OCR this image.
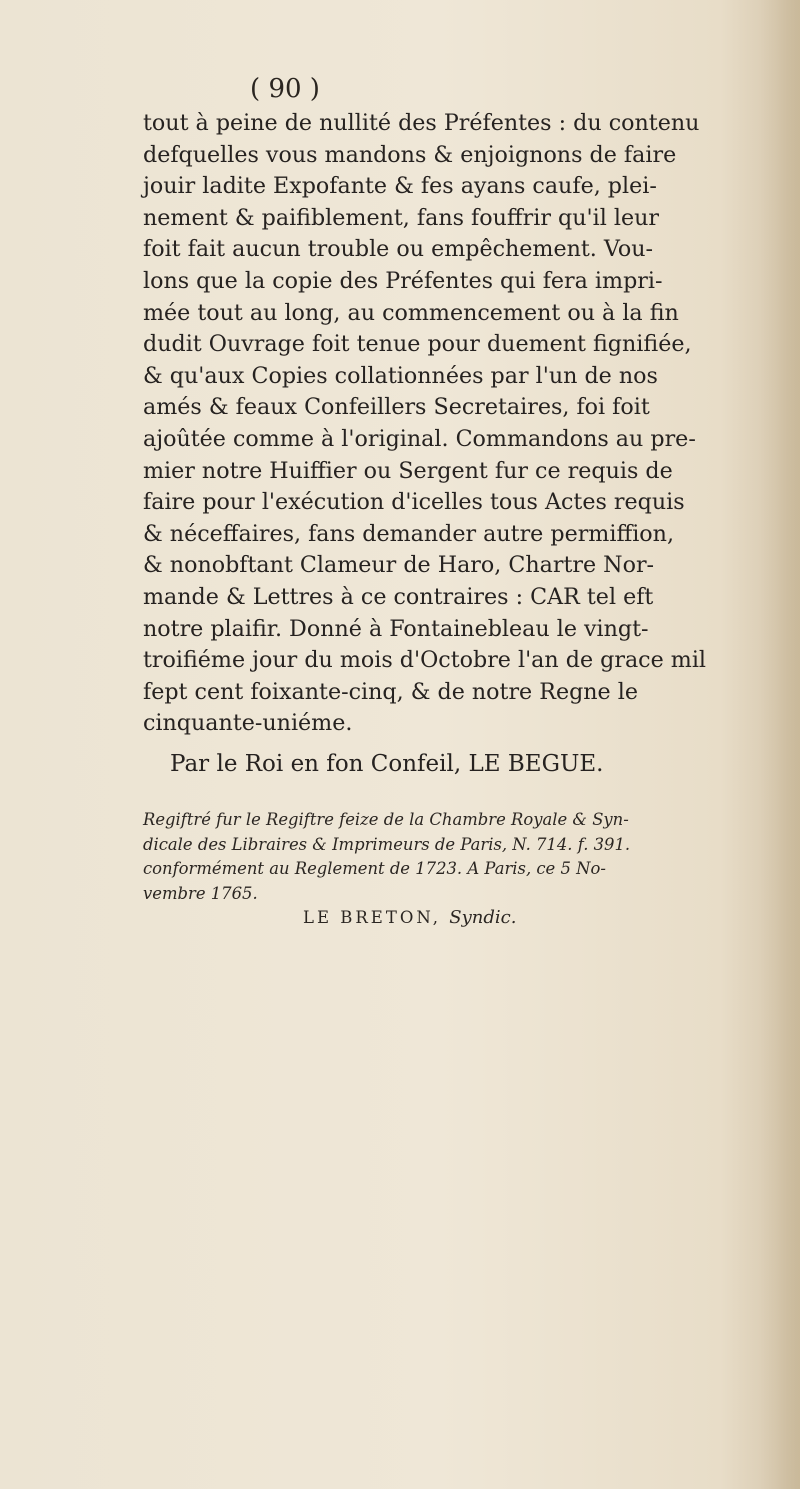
( 90 )
tout à peine de nullité des Préfentes : du contenu
defquelles vous mandons & enjoignons de faire
jouir ladite Expofante & fes ayans caufe, plei-
nement & paifiblement, fans fouffrir qu'il leur
foit fait aucun trouble ou empêchement. Vou-
lons que la copie des Préfentes qui fera impri-
mée tout au long, au commencement ou à la fin
dudit Ouvrage foit tenue pour duement fignifiée,
& qu'aux Copies collationnées par l'un de nos
amés & feaux Confeillers Secretaires, foi foit
ajoûtée comme à l'original. Commandons au pre-
mier notre Huiffier ou Sergent fur ce requis de
faire pour l'exécution d'icelles tous Actes requis
& néceffaires, fans demander autre permiffion,
& nonobftant Clameur de Haro, Chartre Nor-
mande & Lettres à ce contraires : CAR tel eft
notre plaifir. Donné à Fontainebleau le vingt-
troifiéme jour du mois d'Octobre l'an de grace mil
fept cent foixante-cinq, & de notre Regne le
cinquante-uniéme.
Par le Roi en fon Confeil, LE BEGUE.
Regiftré fur le Regiftre feize de la Chambre Royale & Syn-
dicale des Libraires & Imprimeurs de Paris, N. 714. f. 391.
conformément au Reglement de 1723. A Paris, ce 5 No-
vembre 1765.
LE BRETON, Syndic.
